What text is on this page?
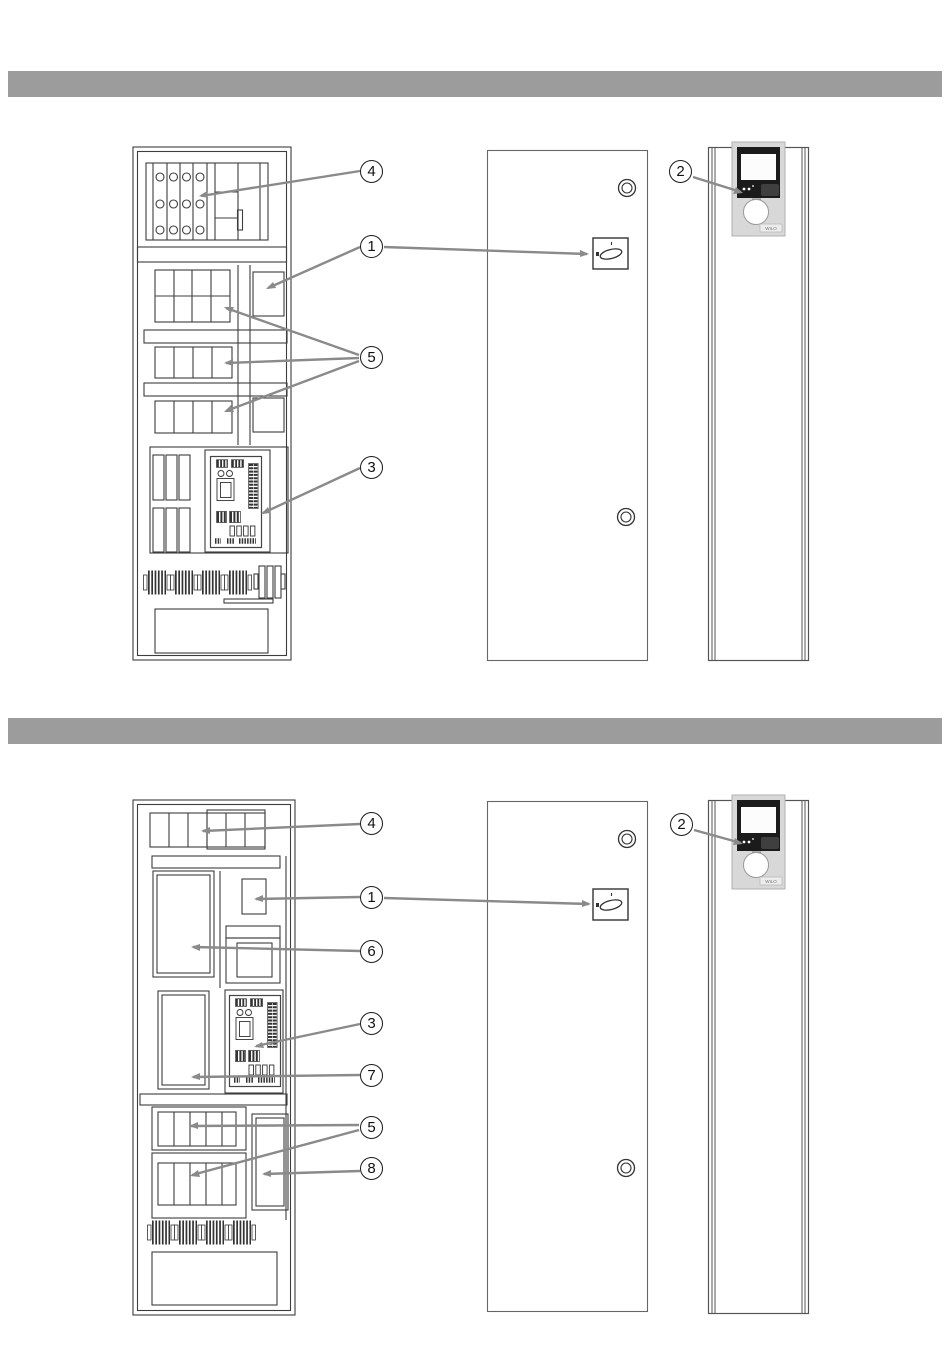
4
1
5
3
2
4
1
6
3
7
5
8
2
